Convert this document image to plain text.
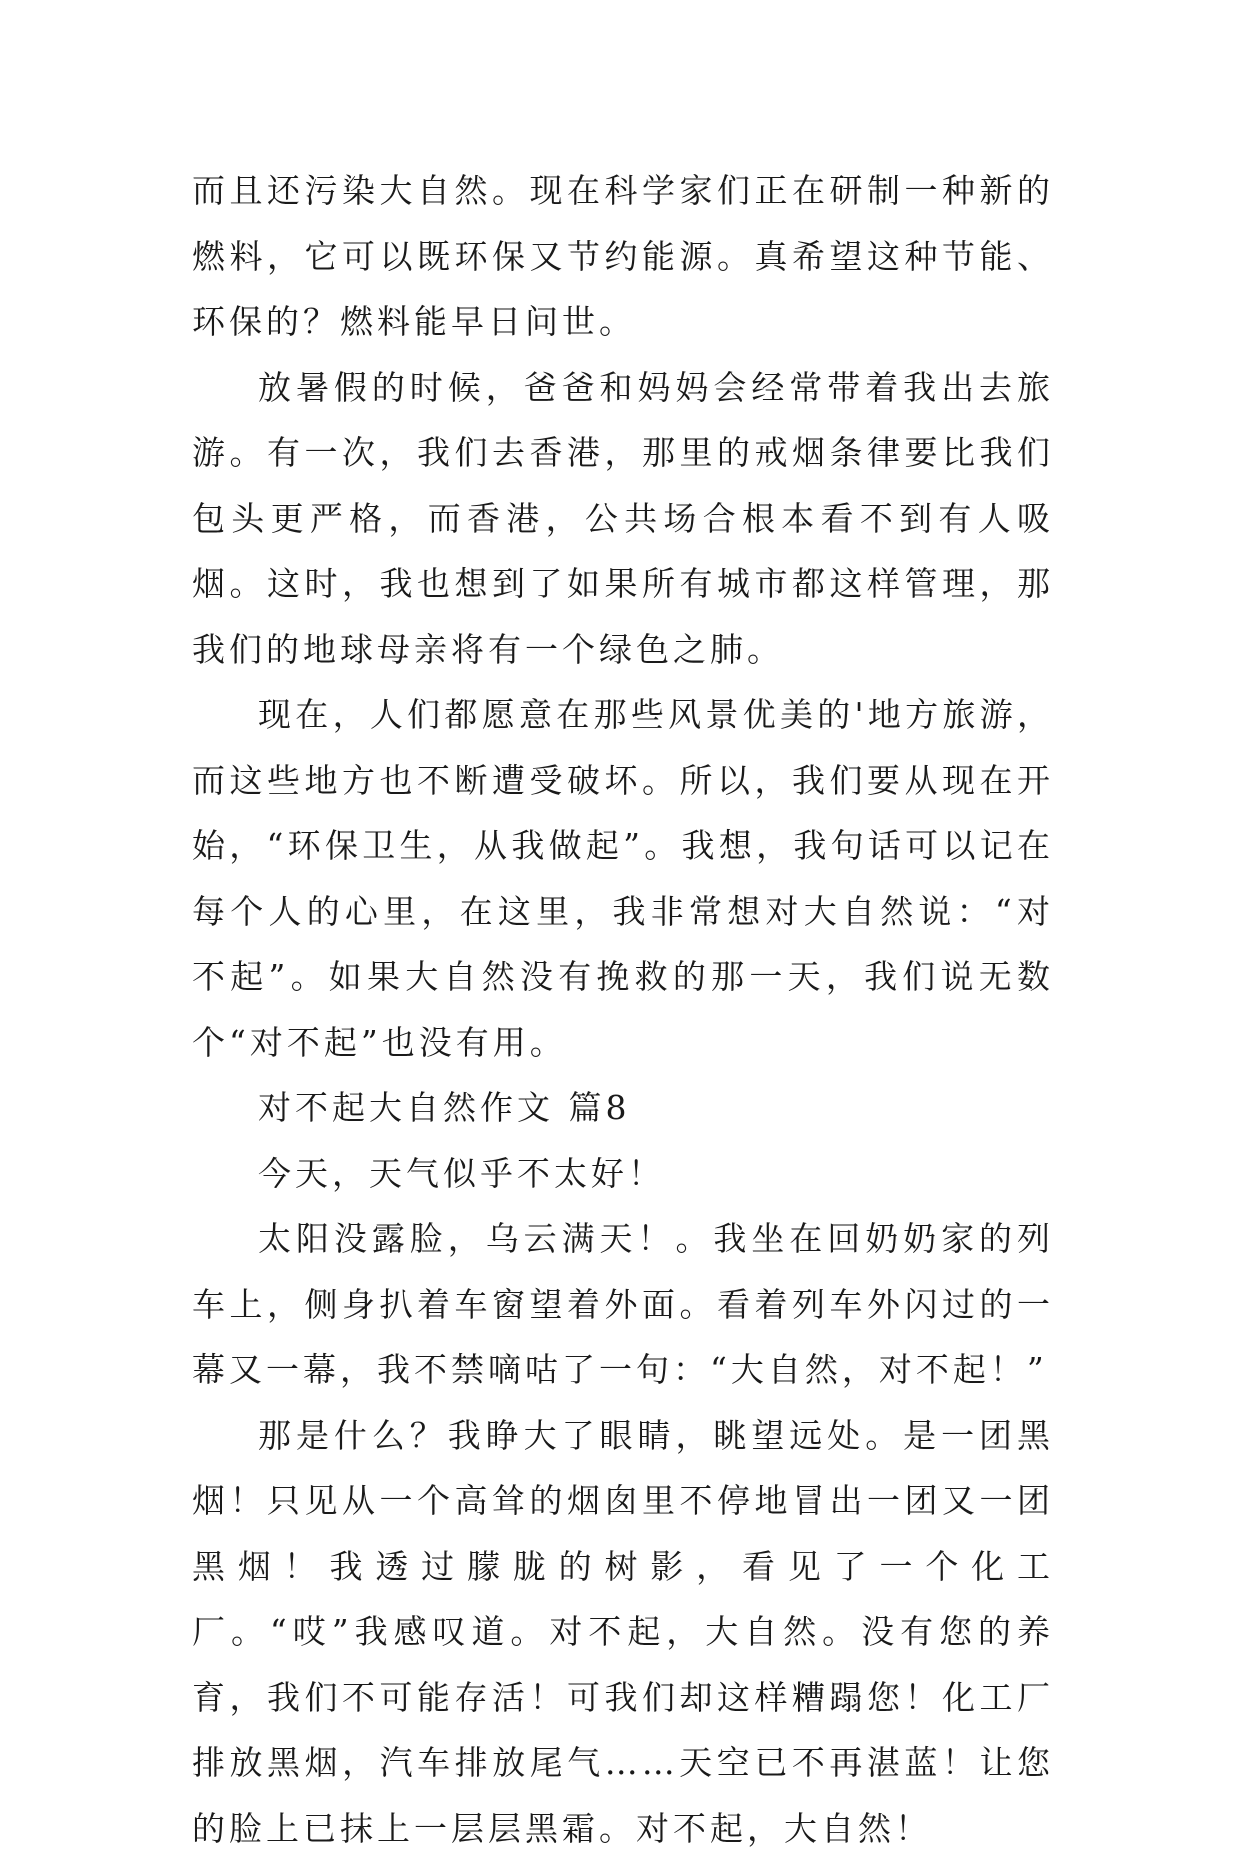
而且还污染大自然。现在科学家们正在研制一种新的燃料，它可以既环保又节约能源。真希望这种节能、环保的？燃料能早日问世。

放暑假的时候，爸爸和妈妈会经常带着我出去旅游。有一次，我们去香港，那里的戒烟条律要比我们包头更严格，而香港，公共场合根本看不到有人吸烟。这时，我也想到了如果所有城市都这样管理，那我们的地球母亲将有一个绿色之肺。

现在，人们都愿意在那些风景优美的'地方旅游，而这些地方也不断遭受破坏。所以，我们要从现在开始，“环保卫生，从我做起”。我想，我句话可以记在每个人的心里，在这里，我非常想对大自然说：“对不起”。如果大自然没有挽救的那一天，我们说无数个“对不起”也没有用。

对不起大自然作文 篇8

今天，天气似乎不太好！

太阳没露脸，乌云满天！。我坐在回奶奶家的列车上，侧身扒着车窗望着外面。看着列车外闪过的一幕又一幕，我不禁嘀咕了一句：“大自然，对不起！”

那是什么？我睁大了眼睛，眺望远处。是一团黑烟！只见从一个高耸的烟囱里不停地冒出一团又一团黑烟！我透过朦胧的树影，看见了一个化工厂。“哎”我感叹道。对不起，大自然。没有您的养育，我们不可能存活！可我们却这样糟蹋您！化工厂排放黑烟，汽车排放尾气……天空已不再湛蓝！让您的脸上已抹上一层层黑霜。对不起，大自然！
